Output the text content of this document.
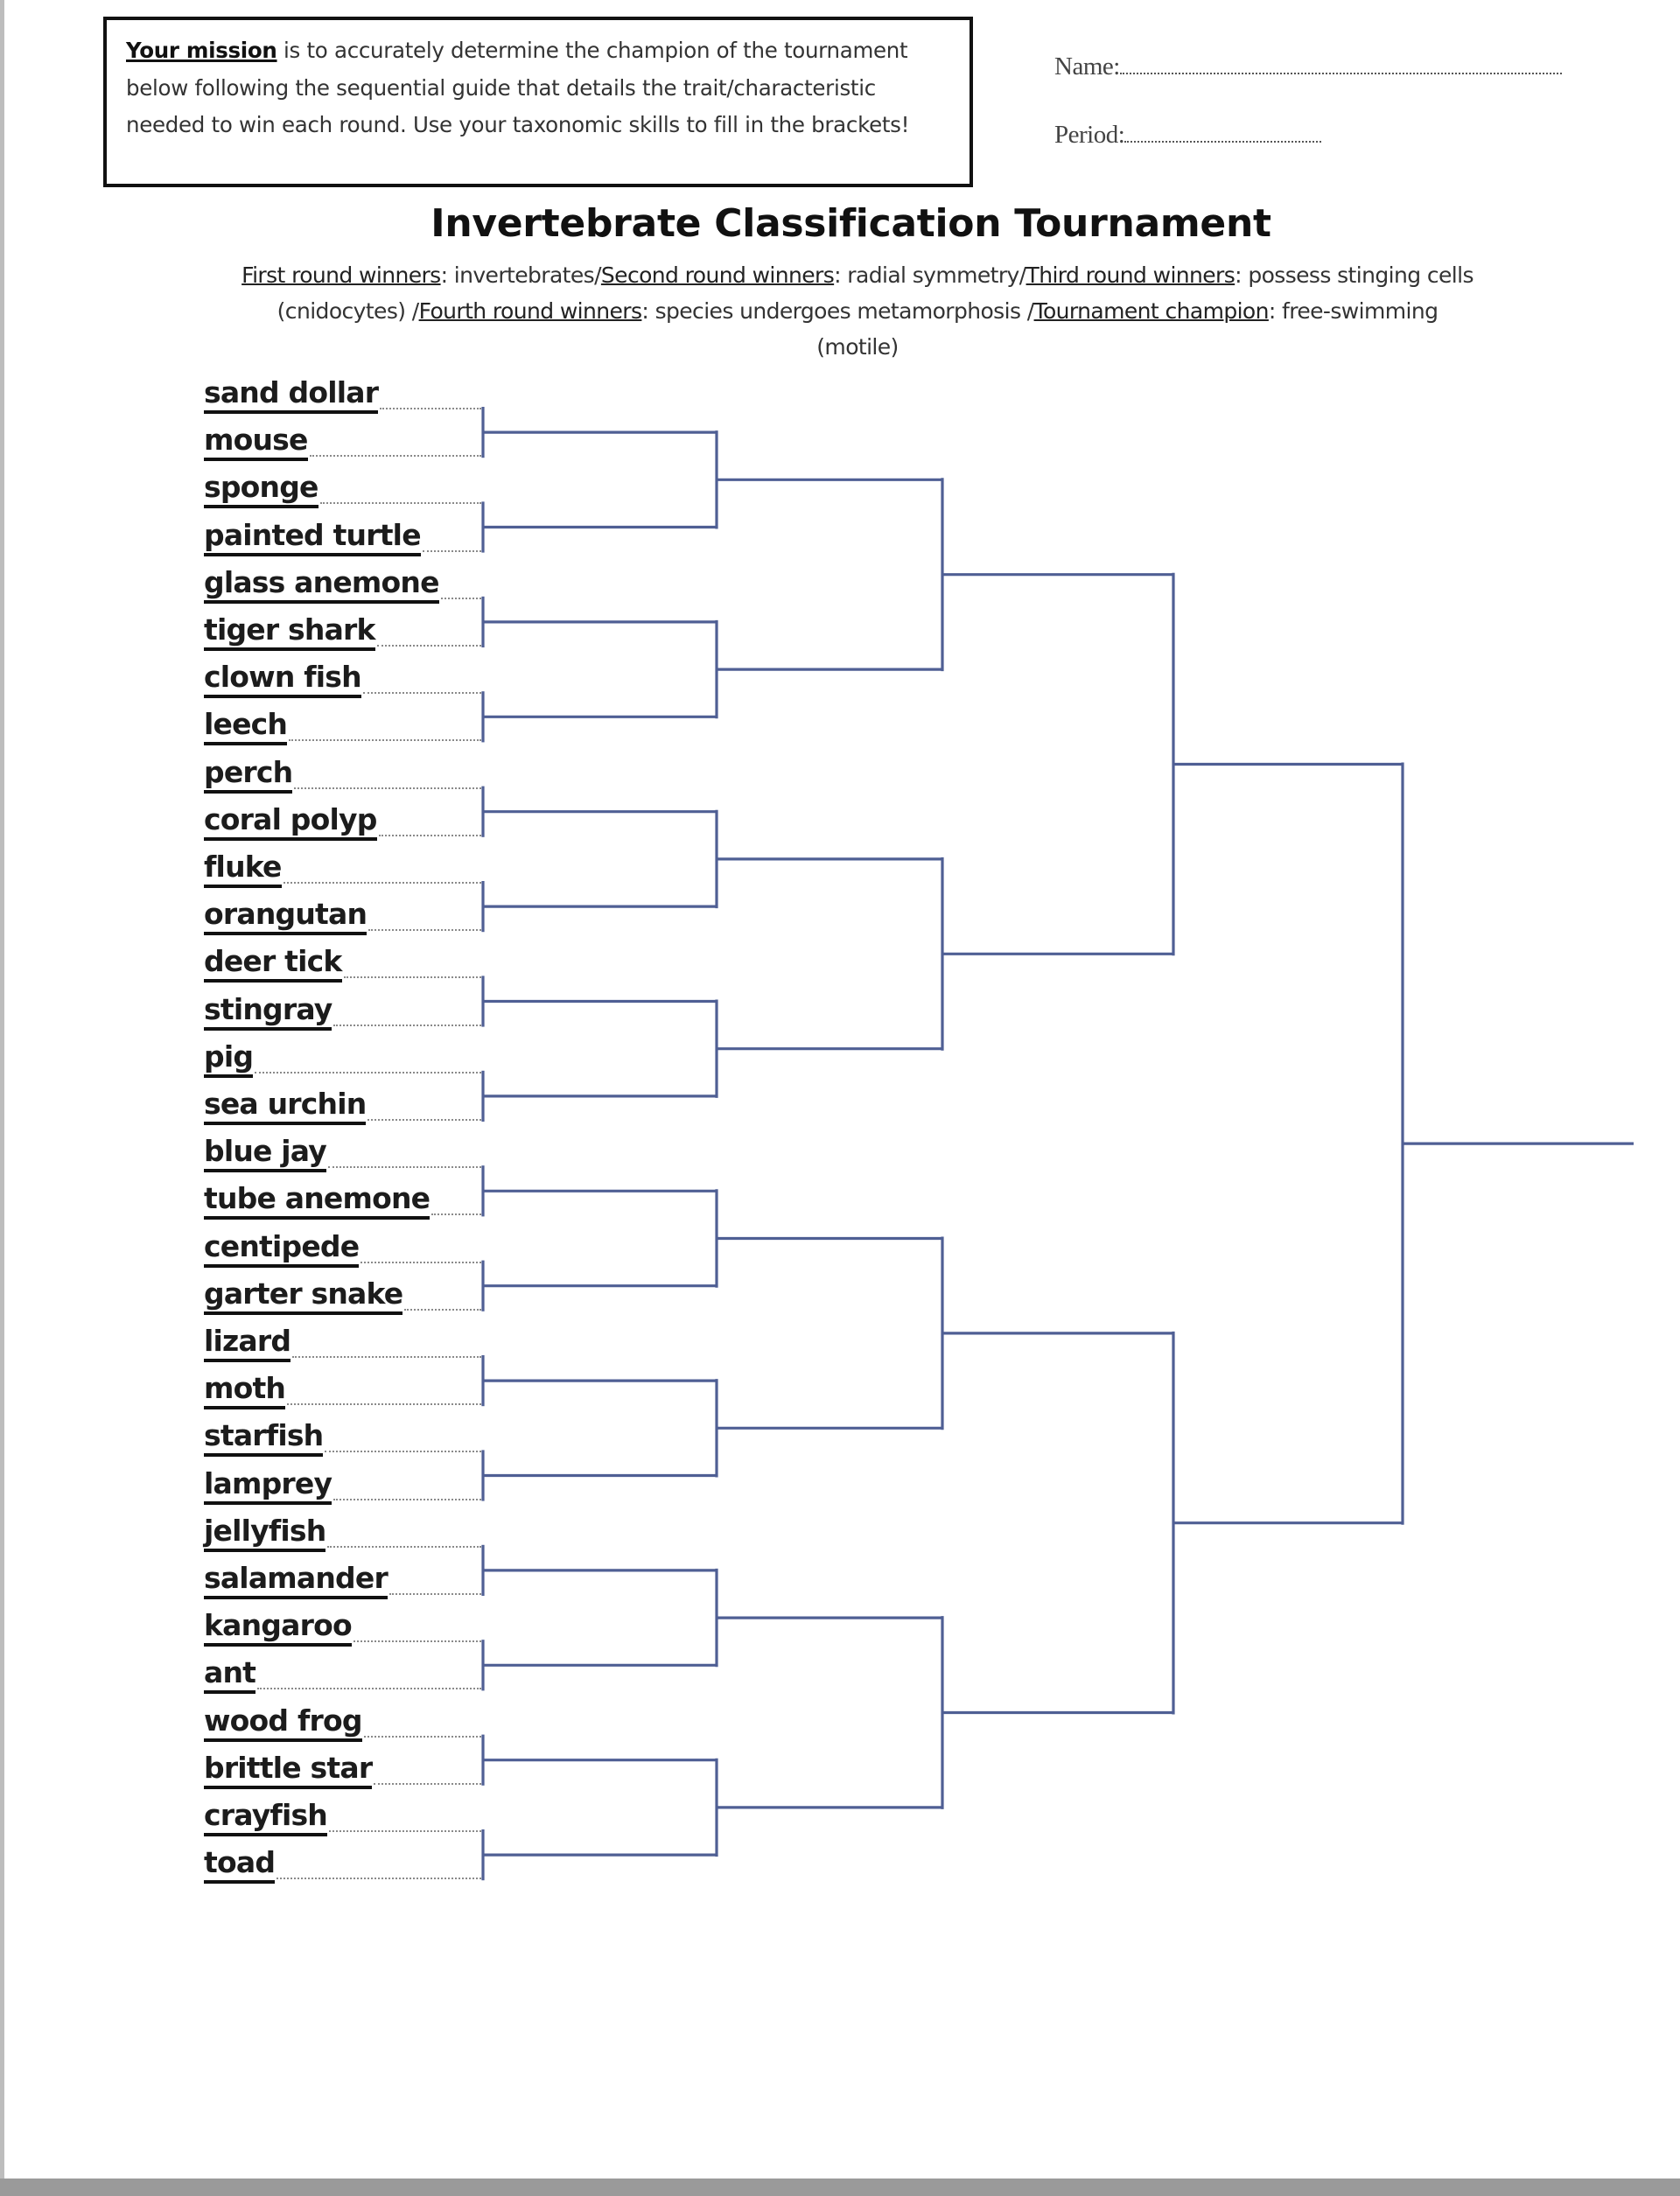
Your mission is to accurately determine the champion of the tournament below following the sequential guide that details the trait/characteristic needed to win each round. Use your taxonomic skills to fill in the brackets!
Name:
Period:
Invertebrate Classification Tournament
First round winners: invertebrates/Second round winners: radial symmetry/Third round winners: possess stinging cells (cnidocytes) /Fourth round winners: species undergoes metamorphosis /Tournament champion: free-swimming (motile)
sand dollar
mouse
sponge
painted turtle
glass anemone
tiger shark
clown fish
leech
perch
coral polyp
fluke
orangutan
deer tick
stingray
pig
sea urchin
blue jay
tube anemone
centipede
garter snake
lizard
moth
starfish
lamprey
jellyfish
salamander
kangaroo
ant
wood frog
brittle star
crayfish
toad
